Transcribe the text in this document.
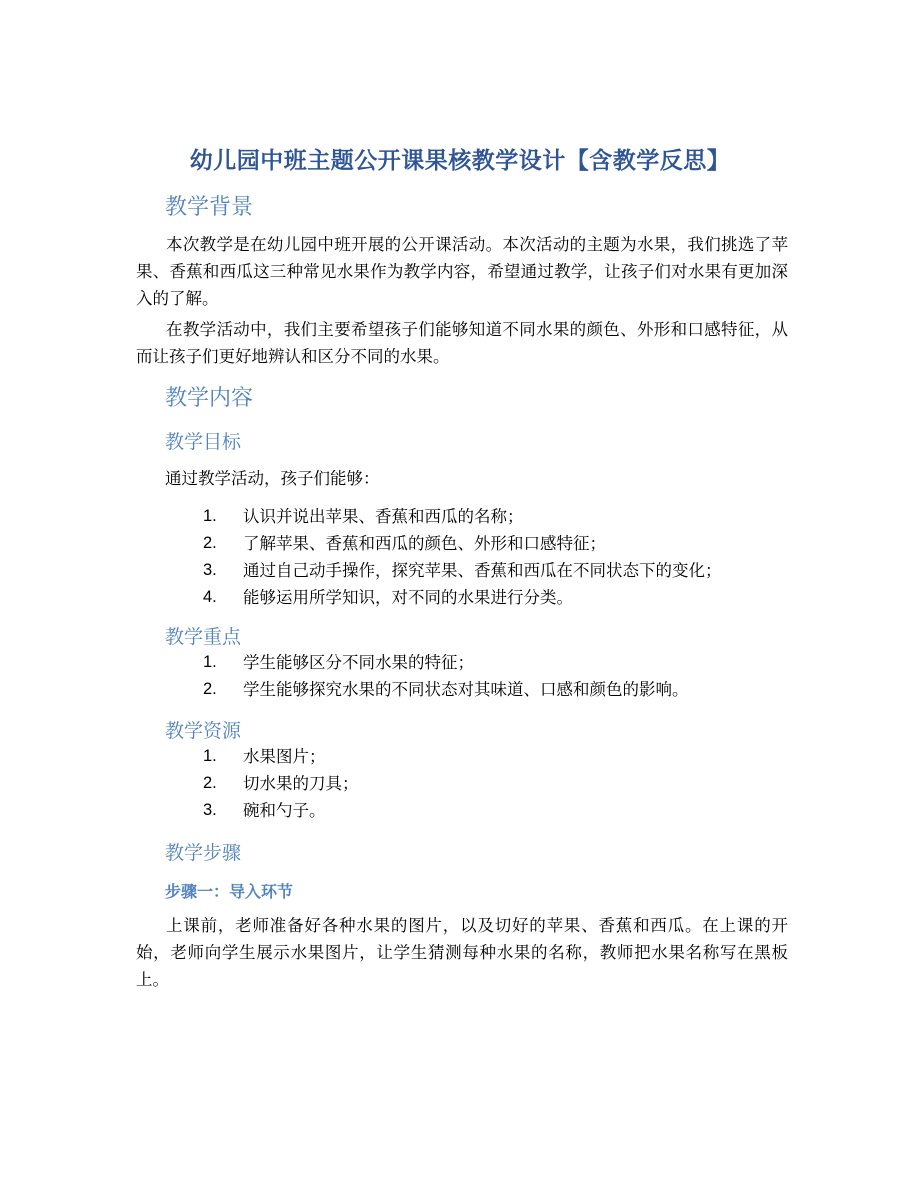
幼儿园中班主题公开课果核教学设计【含教学反思】
教学背景

本次教学是在幼儿园中班开展的公开课活动。本次活动的主题为水果，我们挑选了苹果、香蕉和西瓜这三种常见水果作为教学内容，希望通过教学，让孩子们对水果有更加深入的了解。

在教学活动中，我们主要希望孩子们能够知道不同水果的颜色、外形和口感特征，从而让孩子们更好地辨认和区分不同的水果。

教学内容
教学目标

通过教学活动，孩子们能够：

1.	认识并说出苹果、香蕉和西瓜的名称；
2.	了解苹果、香蕉和西瓜的颜色、外形和口感特征；
3.	通过自己动手操作，探究苹果、香蕉和西瓜在不同状态下的变化；
4.	能够运用所学知识，对不同的水果进行分类。
教学重点
1.	学生能够区分不同水果的特征；
2.	学生能够探究水果的不同状态对其味道、口感和颜色的影响。
教学资源
1.	水果图片；
2.	切水果的刀具；
3.	碗和勺子。
教学步骤
步骤一：导入环节

上课前，老师准备好各种水果的图片，以及切好的苹果、香蕉和西瓜。在上课的开始，老师向学生展示水果图片，让学生猜测每种水果的名称，教师把水果名称写在黑板上。
